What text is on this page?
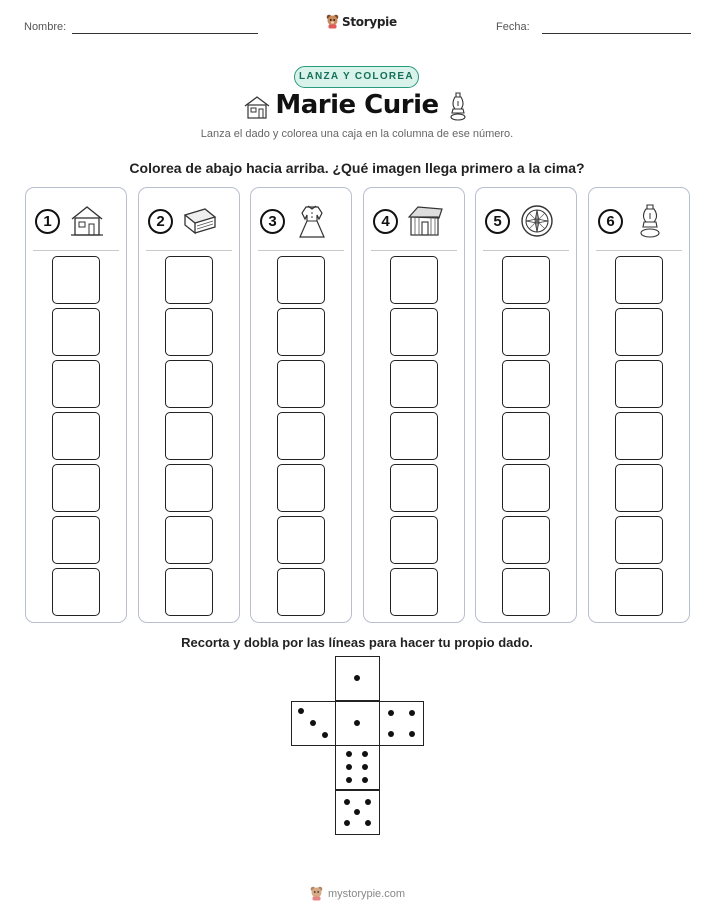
Nombre:	Storypie	Fecha:
LANZA Y COLOREA
Marie Curie
Lanza el dado y colorea una caja en la columna de ese número.
Colorea de abajo hacia arriba. ¿Qué imagen llega primero a la cima?
1	2	3	4	5	6
Recorta y dobla por las líneas para hacer tu propio dado.
mystorypie.com
